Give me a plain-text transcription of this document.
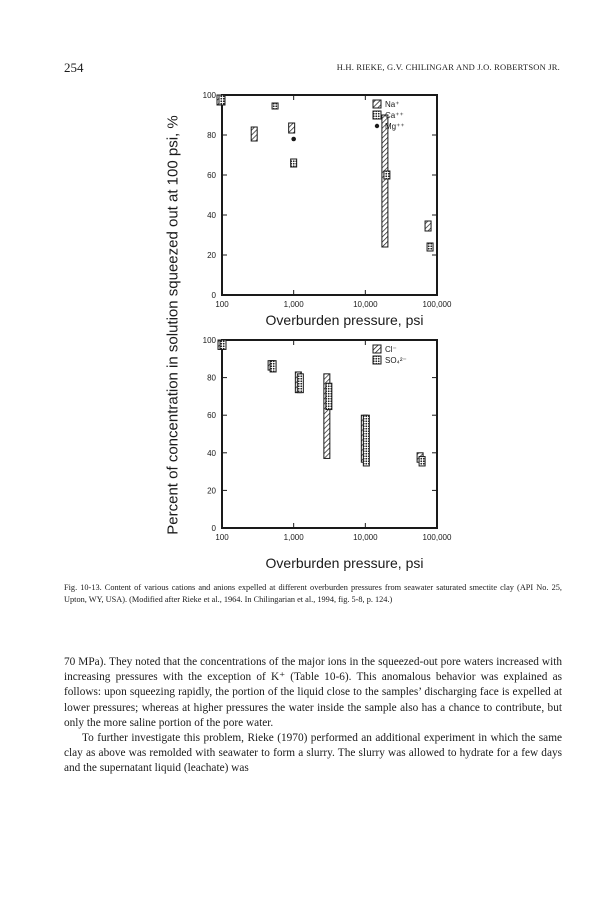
254	H.H. RIEKE, G.V. CHILINGAR AND J.O. ROBERTSON JR.
0
20
40
60
80
100
100	1,000	10,000	100,000
Overburden pressure, psi
Na⁺
Ca⁺⁺
Mg⁺⁺
0
20
40
60
80
100
100	1,000	10,000	100,000
Overburden pressure, psi
Cl⁻
SO₄²⁻
Percent of concentration in solution squeezed out at 100 psi, %
Fig. 10-13. Content of various cations and anions expelled at different overburden pressures from seawater saturated smectite clay (API No. 25, Upton, WY, USA). (Modified after Rieke et al., 1964. In Chilingarian et al., 1994, fig. 5-8, p. 124.)

70 MPa). They noted that the concentrations of the major ions in the squeezed-out pore waters increased with increasing pressures with the exception of K⁺ (Table 10-6). This anomalous behavior was explained as follows: upon squeezing rapidly, the portion of the liquid close to the samples’ discharging face is expelled at lower pressures; whereas at higher pressures the water inside the sample also has a chance to contribute, but only the more saline portion of the pore water.

To further investigate this problem, Rieke (1970) performed an additional experiment in which the same clay as above was remolded with seawater to form a slurry. The slurry was allowed to hydrate for a few days and the supernatant liquid (leachate) was
